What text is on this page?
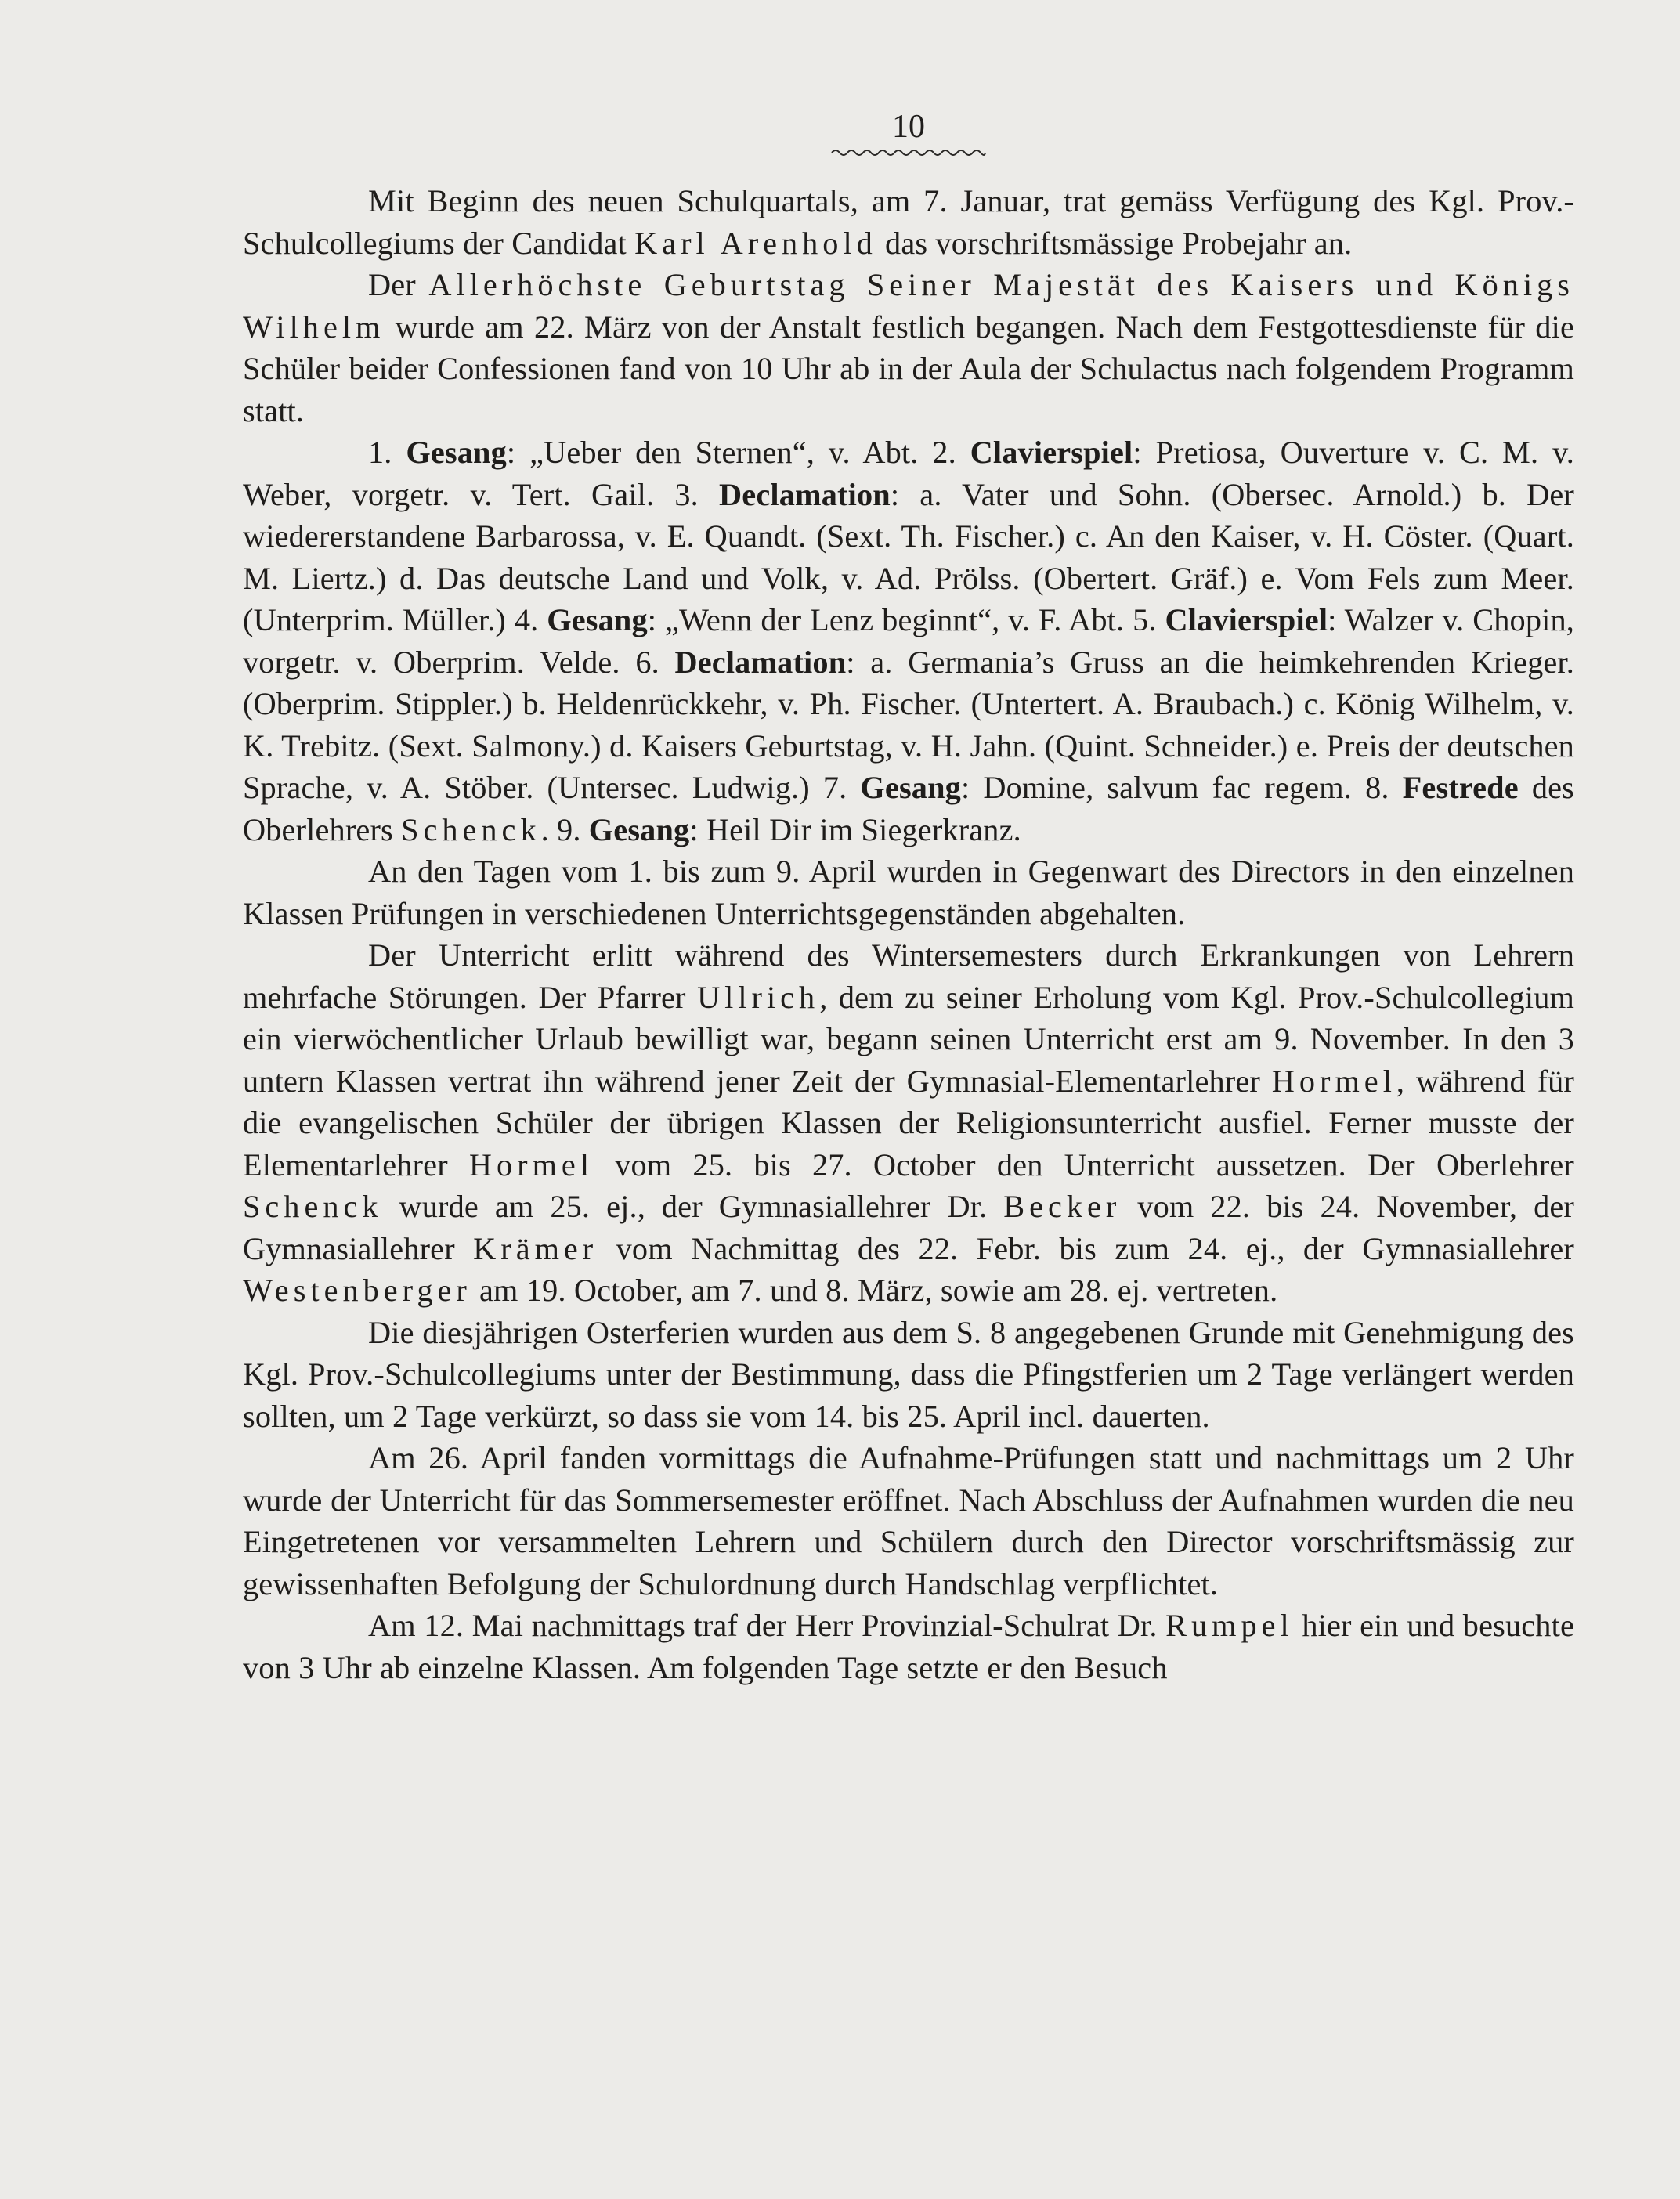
10

Mit Beginn des neuen Schulquartals, am 7. Januar, trat gemäss Verfügung des Kgl. Prov.-Schulcollegiums der Candidat Karl Arenhold das vorschriftsmässige Probejahr an.

Der Allerhöchste Geburtstag Seiner Majestät des Kaisers und Königs Wilhelm wurde am 22. März von der Anstalt festlich begangen. Nach dem Festgottesdienste für die Schüler beider Confessionen fand von 10 Uhr ab in der Aula der Schulactus nach folgendem Programm statt.

1. Gesang: „Ueber den Sternen“, v. Abt. 2. Clavierspiel: Pretiosa, Ouverture v. C. M. v. Weber, vorgetr. v. Tert. Gail. 3. Declamation: a. Vater und Sohn. (Obersec. Arnold.) b. Der wiedererstandene Barbarossa, v. E. Quandt. (Sext. Th. Fischer.) c. An den Kaiser, v. H. Cöster. (Quart. M. Liertz.) d. Das deutsche Land und Volk, v. Ad. Prölss. (Obertert. Gräf.) e. Vom Fels zum Meer. (Unterprim. Müller.) 4. Gesang: „Wenn der Lenz beginnt“, v. F. Abt. 5. Clavierspiel: Walzer v. Chopin, vorgetr. v. Oberprim. Velde. 6. Declamation: a. Germania’s Gruss an die heimkehrenden Krieger. (Oberprim. Stippler.) b. Heldenrückkehr, v. Ph. Fischer. (Untertert. A. Braubach.) c. König Wilhelm, v. K. Trebitz. (Sext. Salmony.) d. Kaisers Geburtstag, v. H. Jahn. (Quint. Schneider.) e. Preis der deutschen Sprache, v. A. Stöber. (Untersec. Ludwig.) 7. Gesang: Domine, salvum fac regem. 8. Festrede des Oberlehrers Schenck. 9. Gesang: Heil Dir im Siegerkranz.

An den Tagen vom 1. bis zum 9. April wurden in Gegenwart des Directors in den einzelnen Klassen Prüfungen in verschiedenen Unterrichtsgegenständen abgehalten.

Der Unterricht erlitt während des Wintersemesters durch Erkrankungen von Lehrern mehrfache Störungen. Der Pfarrer Ullrich, dem zu seiner Erholung vom Kgl. Prov.-Schulcollegium ein vierwöchentlicher Urlaub bewilligt war, begann seinen Unterricht erst am 9. November. In den 3 untern Klassen vertrat ihn während jener Zeit der Gymnasial-Elementarlehrer Hormel, während für die evangelischen Schüler der übrigen Klassen der Religionsunterricht ausfiel. Ferner musste der Elementarlehrer Hormel vom 25. bis 27. October den Unterricht aussetzen. Der Oberlehrer Schenck wurde am 25. ej., der Gymnasiallehrer Dr. Becker vom 22. bis 24. November, der Gymnasiallehrer Krämer vom Nachmittag des 22. Febr. bis zum 24. ej., der Gymnasiallehrer Westenberger am 19. October, am 7. und 8. März, sowie am 28. ej. vertreten.

Die diesjährigen Osterferien wurden aus dem S. 8 angegebenen Grunde mit Genehmigung des Kgl. Prov.-Schulcollegiums unter der Bestimmung, dass die Pfingstferien um 2 Tage verlängert werden sollten, um 2 Tage verkürzt, so dass sie vom 14. bis 25. April incl. dauerten.

Am 26. April fanden vormittags die Aufnahme-Prüfungen statt und nachmittags um 2 Uhr wurde der Unterricht für das Sommersemester eröffnet. Nach Abschluss der Aufnahmen wurden die neu Eingetretenen vor versammelten Lehrern und Schülern durch den Director vorschriftsmässig zur gewissenhaften Befolgung der Schulordnung durch Handschlag verpflichtet.

Am 12. Mai nachmittags traf der Herr Provinzial-Schulrat Dr. Rumpel hier ein und besuchte von 3 Uhr ab einzelne Klassen. Am folgenden Tage setzte er den Besuch
